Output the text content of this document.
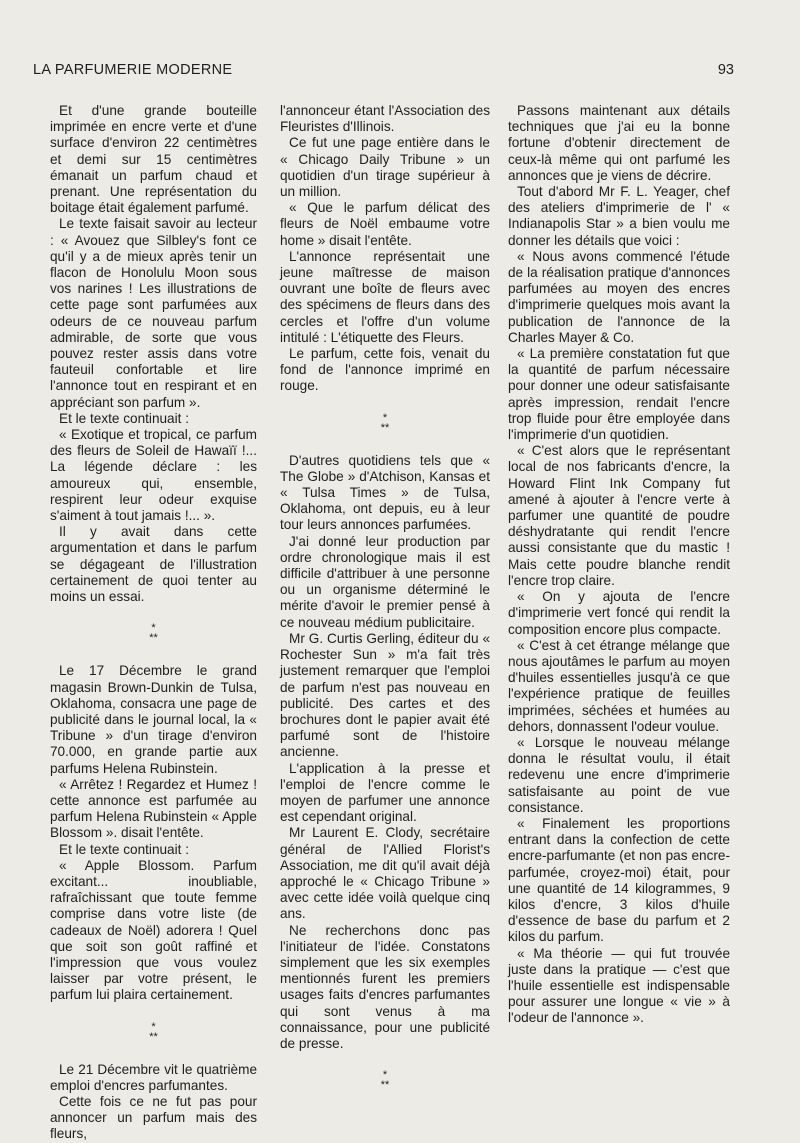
LA PARFUMERIE MODERNE	93

Et d'une grande bouteille imprimée en encre verte et d'une surface d'environ 22 centimètres et demi sur 15 centimètres émanait un parfum chaud et prenant. Une représentation du boitage était également parfumé.

Le texte faisait savoir au lecteur : « Avouez que Silbley's font ce qu'il y a de mieux après tenir un flacon de Honolulu Moon sous vos narines ! Les illustrations de cette page sont parfumées aux odeurs de ce nouveau parfum admirable, de sorte que vous pouvez rester assis dans votre fauteuil confortable et lire l'annonce tout en respirant et en appréciant son parfum ».

Et le texte continuait :

« Exotique et tropical, ce parfum des fleurs de Soleil de Hawaïï !... La légende déclare : les amoureux qui, ensemble, respirent leur odeur exquise s'aiment à tout jamais !... ».

Il y avait dans cette argumentation et dans le parfum se dégageant de l'illustration certainement de quoi tenter au moins un essai.

*
**

Le 17 Décembre le grand magasin Brown-Dunkin de Tulsa, Oklahoma, consacra une page de publicité dans le journal local, la « Tribune » d'un tirage d'environ 70.000, en grande partie aux parfums Helena Rubinstein.

« Arrêtez ! Regardez et Humez ! cette annonce est parfumée au parfum Helena Rubinstein « Apple Blossom ». disait l'entête.

Et le texte continuait :

« Apple Blossom. Parfum excitant... inoubliable, rafraîchissant que toute femme comprise dans votre liste (de cadeaux de Noël) adorera ! Quel que soit son goût raffiné et l'impression que vous voulez laisser par votre présent, le parfum lui plaira certainement.

*
**

Le 21 Décembre vit le quatrième emploi d'encres parfumantes.

Cette fois ce ne fut pas pour annoncer un parfum mais des fleurs,

l'annonceur étant l'Association des Fleuristes d'Illinois.

Ce fut une page entière dans le « Chicago Daily Tribune » un quotidien d'un tirage supérieur à un million.

« Que le parfum délicat des fleurs de Noël embaume votre home » disait l'entête.

L'annonce représentait une jeune maîtresse de maison ouvrant une boîte de fleurs avec des spécimens de fleurs dans des cercles et l'offre d'un volume intitulé : L'étiquette des Fleurs.

Le parfum, cette fois, venait du fond de l'annonce imprimé en rouge.

*
**

D'autres quotidiens tels que « The Globe » d'Atchison, Kansas et « Tulsa Times » de Tulsa, Oklahoma, ont depuis, eu à leur tour leurs annonces parfumées.

J'ai donné leur production par ordre chronologique mais il est difficile d'attribuer à une personne ou un organisme déterminé le mérite d'avoir le premier pensé à ce nouveau médium publicitaire.

Mr G. Curtis Gerling, éditeur du « Rochester Sun » m'a fait très justement remarquer que l'emploi de parfum n'est pas nouveau en publicité. Des cartes et des brochures dont le papier avait été parfumé sont de l'histoire ancienne.

L'application à la presse et l'emploi de l'encre comme le moyen de parfumer une annonce est cependant original.

Mr Laurent E. Clody, secrétaire général de l'Allied Florist's Association, me dit qu'il avait déjà approché le « Chicago Tribune » avec cette idée voilà quelque cinq ans.

Ne recherchons donc pas l'initiateur de l'idée. Constatons simplement que les six exemples mentionnés furent les premiers usages faits d'encres parfumantes qui sont venus à ma connaissance, pour une publicité de presse.

*
**

Passons maintenant aux détails techniques que j'ai eu la bonne fortune d'obtenir directement de ceux-là même qui ont parfumé les annonces que je viens de décrire.

Tout d'abord Mr F. L. Yeager, chef des ateliers d'imprimerie de l' « Indianapolis Star » a bien voulu me donner les détails que voici :

« Nous avons commencé l'étude de la réalisation pratique d'annonces parfumées au moyen des encres d'imprimerie quelques mois avant la publication de l'annonce de la Charles Mayer & Co.

« La première constatation fut que la quantité de parfum nécessaire pour donner une odeur satisfaisante après impression, rendait l'encre trop fluide pour être employée dans l'imprimerie d'un quotidien.

« C'est alors que le représentant local de nos fabricants d'encre, la Howard Flint Ink Company fut amené à ajouter à l'encre verte à parfumer une quantité de poudre déshydratante qui rendit l'encre aussi consistante que du mastic ! Mais cette poudre blanche rendit l'encre trop claire.

« On y ajouta de l'encre d'imprimerie vert foncé qui rendit la composition encore plus compacte.

« C'est à cet étrange mélange que nous ajoutâmes le parfum au moyen d'huiles essentielles jusqu'à ce que l'expérience pratique de feuilles imprimées, séchées et humées au dehors, donnassent l'odeur voulue.

« Lorsque le nouveau mélange donna le résultat voulu, il était redevenu une encre d'imprimerie satisfaisante au point de vue consistance.

« Finalement les proportions entrant dans la confection de cette encre-parfumante (et non pas encre-parfumée, croyez-moi) était, pour une quantité de 14 kilogrammes, 9 kilos d'encre, 3 kilos d'huile d'essence de base du parfum et 2 kilos du parfum.

« Ma théorie — qui fut trouvée juste dans la pratique — c'est que l'huile essentielle est indispensable pour assurer une longue « vie » à l'odeur de l'annonce ».
